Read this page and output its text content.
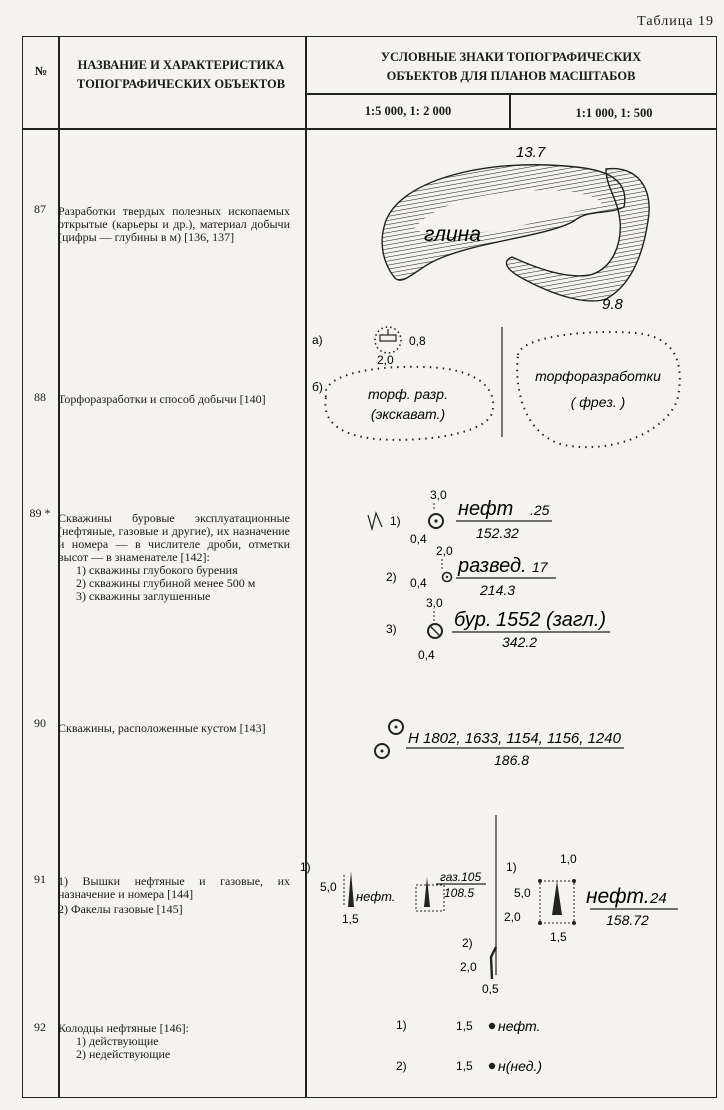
Таблица 19
№	НАЗВАНИЕ И ХАРАКТЕРИСТИКА ТОПОГРАФИЧЕСКИХ ОБЪЕКТОВ
УСЛОВНЫЕ ЗНАКИ ТОПОГРАФИЧЕСКИХ ОБЪЕКТОВ ДЛЯ ПЛАНОВ МАСШТАБОВ
1:5 000, 1: 2 000	1:1 000, 1: 500
87	Разработки твердых полезных ископаемых открытые (карьеры и др.), материал добычи (цифры — глубины в м) [136, 137]
88	Торфоразработки и способ добычи [140]
89 * Скважины буровые эксплуатационные (нефтяные, газовые и другие), их назначение и номера — в числителе дроби, отметки высот — в знаменателе [142]:
1) скважины глубокого бурения
2) скважины глубиной менее 500 м
3) скважины заглушенные
90	Скважины, расположенные кустом [143]
91	1) Вышки нефтяные и газовые, их назначение и номера [144]
2) Факелы газовые [145]
92	Колодцы нефтяные [146]:
1) действующие
2) недействующие
13.7
глина
9.8
а)	0,8
2,0
б)	торф. разр.
(экскават.)
торфоразработки
( фрез. )
1)
3,0
0,4
нефт .25
152.32
2)
2,0
0,4
развед. 17
214.3
3)
3,0
0,4
бур. 1552 (загл.)
342.2
Н 1802, 1633, 1154, 1156, 1240
186.8
1)
5,0
1,5
нефт.
газ.105
108.5
1)
1,0
5,0
2,0
1,5
нефт. 24
158.72
2)
2,0
0,5
1)	1,5 нефт.
2)	1,5 н(нед.)
